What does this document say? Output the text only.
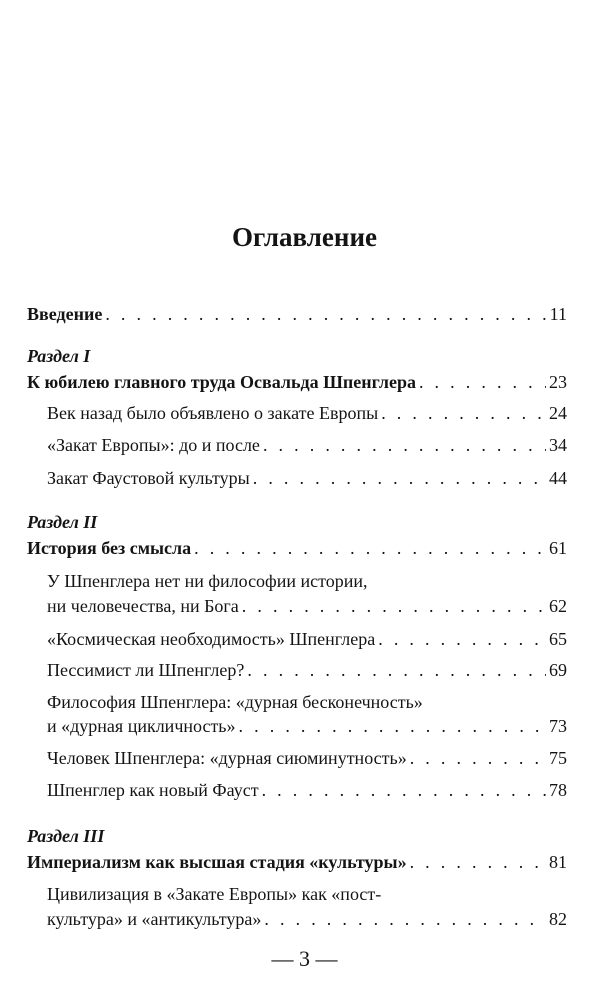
Оглавление
Введение . . .	11
Раздел I
К юбилею главного труда Освальда Шпенглера . . .	23
Век назад было объявлено о закате Европы . . .	24
«Закат Европы»: до и после . . .	34
Закат Фаустовой культуры . . .	44
Раздел II
История без смысла . . .	61
У Шпенглера нет ни философии истории,
ни человечества, ни Бога . . .	62
«Космическая необходимость» Шпенглера . . .	65
Пессимист ли Шпенглер? . . .	69
Философия Шпенглера: «дурная бесконечность»
и «дурная цикличность» . . .	73
Человек Шпенглера: «дурная сиюминутность» . . .	75
Шпенглер как новый Фауст . . .	78
Раздел III
Империализм как высшая стадия «культуры» . . .	81
Цивилизация в «Закате Европы» как «пост-
культура» и «антикультура» . . .	82
— 3 —
